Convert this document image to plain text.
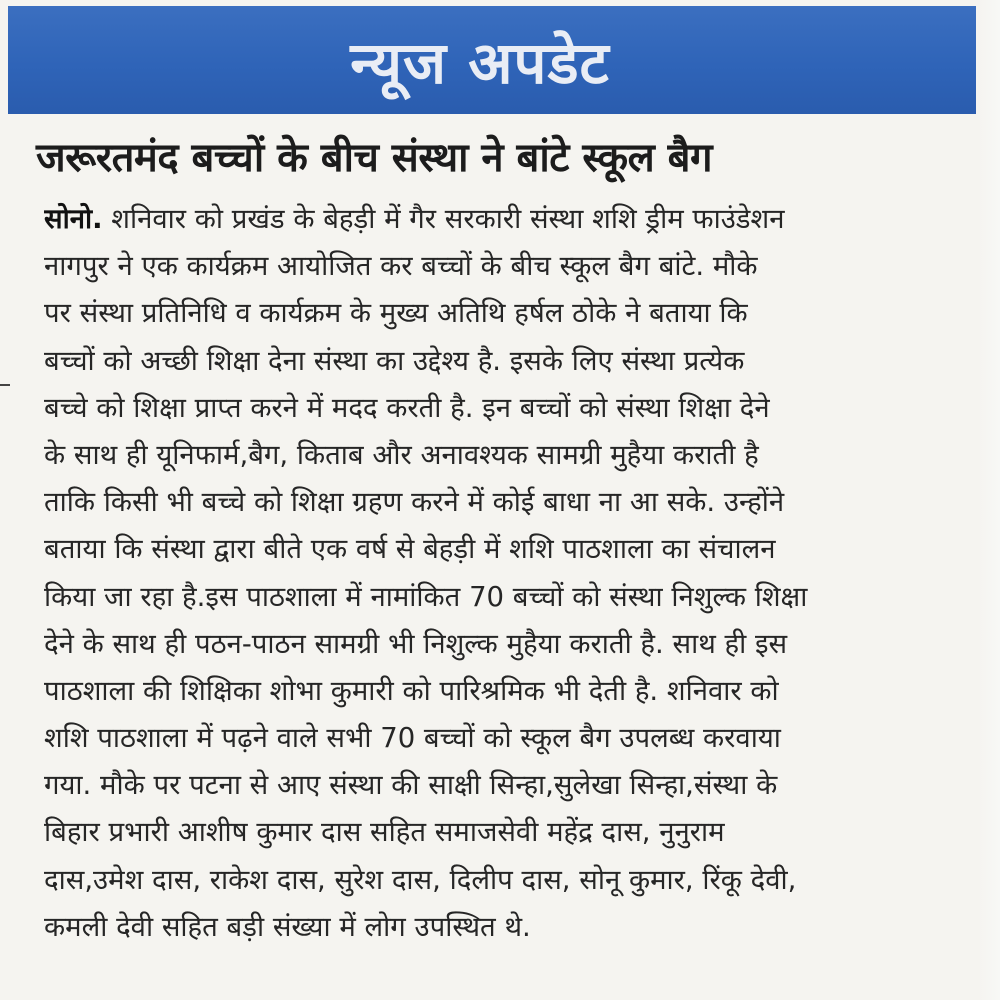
न्यूज अपडेट
जरूरतमंद बच्चों के बीच संस्था ने बांटे स्कूल बैग
सोनो. शनिवार को प्रखंड के बेहड़ी में गैर सरकारी संस्था शशि ड्रीम फाउंडेशन
नागपुर ने एक कार्यक्रम आयोजित कर बच्चों के बीच स्कूल बैग बांटे. मौके
पर संस्था प्रतिनिधि व कार्यक्रम के मुख्य अतिथि हर्षल ठोके ने बताया कि
बच्चों को अच्छी शिक्षा देना संस्था का उद्देश्य है. इसके लिए संस्था प्रत्येक
बच्चे को शिक्षा प्राप्त करने में मदद करती है. इन बच्चों को संस्था शिक्षा देने
के साथ ही यूनिफार्म,बैग, किताब और अनावश्यक सामग्री मुहैया कराती है
ताकि किसी भी बच्चे को शिक्षा ग्रहण करने में कोई बाधा ना आ सके. उन्होंने
बताया कि संस्था द्वारा बीते एक वर्ष से बेहड़ी में शशि पाठशाला का संचालन
किया जा रहा है.इस पाठशाला में नामांकित 70 बच्चों को संस्था निशुल्क शिक्षा
देने के साथ ही पठन-पाठन सामग्री भी निशुल्क मुहैया कराती है. साथ ही इस
पाठशाला की शिक्षिका शोभा कुमारी को पारिश्रमिक भी देती है. शनिवार को
शशि पाठशाला में पढ़ने वाले सभी 70 बच्चों को स्कूल बैग उपलब्ध करवाया
गया. मौके पर पटना से आए संस्था की साक्षी सिन्हा,सुलेखा सिन्हा,संस्था के
बिहार प्रभारी आशीष कुमार दास सहित समाजसेवी महेंद्र दास, नुनुराम
दास,उमेश दास, राकेश दास, सुरेश दास, दिलीप दास, सोनू कुमार, रिंकू देवी,
कमली देवी सहित बड़ी संख्या में लोग उपस्थित थे.
